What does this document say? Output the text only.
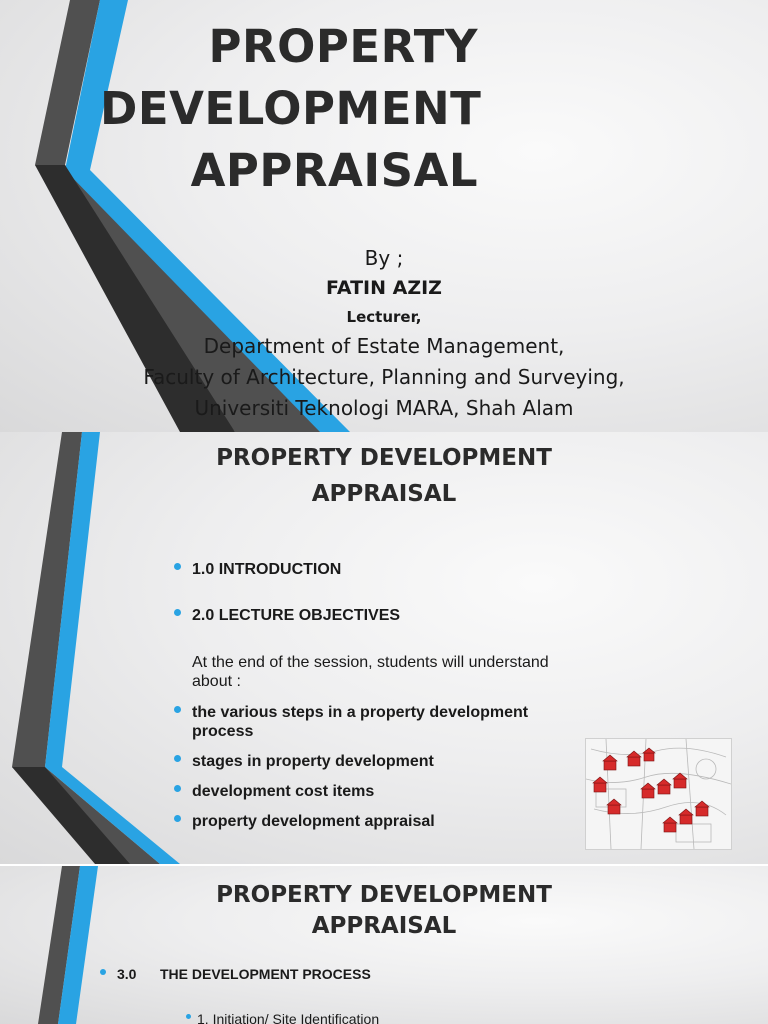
PROPERTY
DEVELOPMENT
APPRAISAL
By ;
FATIN AZIZ
Lecturer,
Department of Estate Management,
Faculty of Architecture, Planning and Surveying,
Universiti Teknologi MARA, Shah Alam
PROPERTY DEVELOPMENT
APPRAISAL
1.0 INTRODUCTION
2.0 LECTURE OBJECTIVES
At the end of the session, students will understand
about :
the various steps in a property development
process
stages in property development
development cost items
property development appraisal
PROPERTY DEVELOPMENT
APPRAISAL
3.0 THE DEVELOPMENT PROCESS
1. Initiation/ Site Identification
